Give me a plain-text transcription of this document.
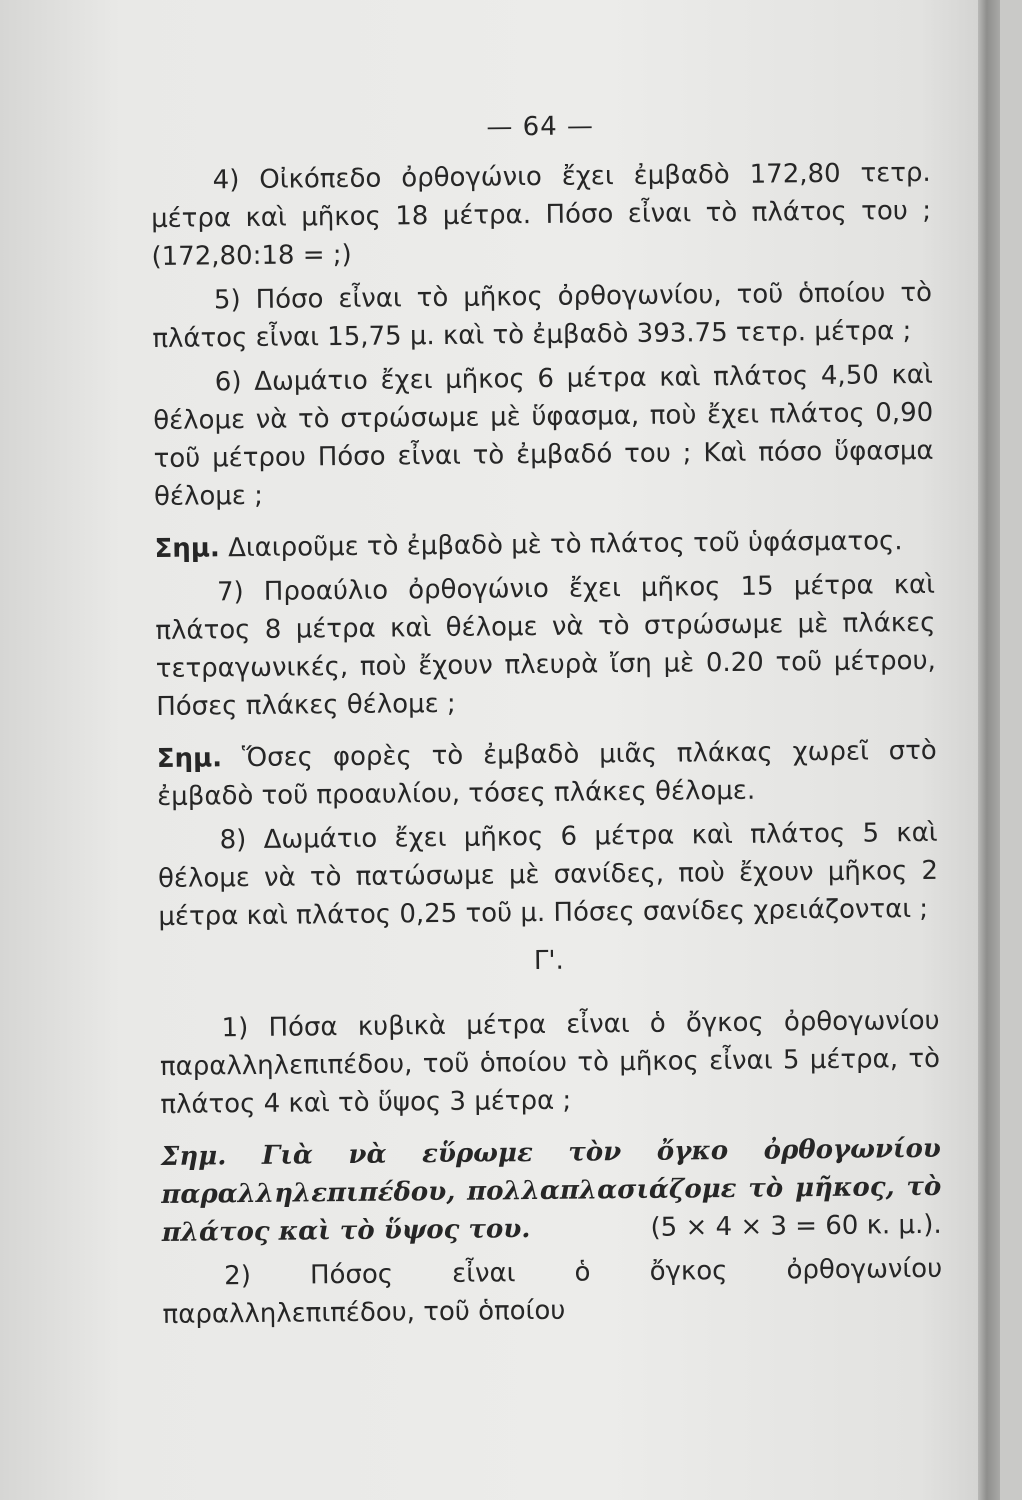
— 64 —

4) Οἰκόπεδο ὀρθογώνιο ἔχει ἐμβαδὸ 172,80 τετρ. μέτρα καὶ μῆκος 18 μέτρα. Πόσο εἶναι τὸ πλάτος του ; (172,80:18 = ;)

5) Πόσο εἶναι τὸ μῆκος ὀρθογωνίου, τοῦ ὁποίου τὸ πλάτος εἶναι 15,75 μ. καὶ τὸ ἐμβαδὸ 393.75 τετρ. μέτρα ;

6) Δωμάτιο ἔχει μῆκος 6 μέτρα καὶ πλάτος 4,50 καὶ θέλομε νὰ τὸ στρώσωμε μὲ ὕφασμα, ποὺ ἔχει πλάτος 0,90 τοῦ μέτρου Πόσο εἶναι τὸ ἐμβαδό του ; Καὶ πόσο ὕφασμα θέλομε ;

Σημ. Διαιροῦμε τὸ ἐμβαδὸ μὲ τὸ πλάτος τοῦ ὑφάσματος.

7) Προαύλιο ὀρθογώνιο ἔχει μῆκος 15 μέτρα καὶ πλάτος 8 μέτρα καὶ θέλομε νὰ τὸ στρώσωμε μὲ πλάκες τετραγωνικές, ποὺ ἔχουν πλευρὰ ἴση μὲ 0.20 τοῦ μέτρου, Πόσες πλάκες θέλομε ;

Σημ. Ὅσες φορὲς τὸ ἐμβαδὸ μιᾶς πλάκας χωρεῖ στὸ ἐμβαδὸ τοῦ προαυλίου, τόσες πλάκες θέλομε.

8) Δωμάτιο ἔχει μῆκος 6 μέτρα καὶ πλάτος 5 καὶ θέλομε νὰ τὸ πατώσωμε μὲ σανίδες, ποὺ ἔχουν μῆκος 2 μέτρα καὶ πλάτος 0,25 τοῦ μ. Πόσες σανίδες χρειάζονται ;

Γ'.

1) Πόσα κυβικὰ μέτρα εἶναι ὁ ὄγκος ὀρθογωνίου παραλληλεπιπέδου, τοῦ ὁποίου τὸ μῆκος εἶναι 5 μέτρα, τὸ πλάτος 4 καὶ τὸ ὕψος 3 μέτρα ;

Σημ. Γιὰ νὰ εὕρωμε τὸν ὄγκο ὀρθογωνίου παραλληλεπιπέδου, πολλαπλασιάζομε τὸ μῆκος, τὸ πλάτος καὶ τὸ ὕψος του.	(5 × 4 × 3 = 60 κ. μ.).

2) Πόσος εἶναι ὁ ὄγκος ὀρθογωνίου παραλληλεπιπέδου, τοῦ ὁποίου
